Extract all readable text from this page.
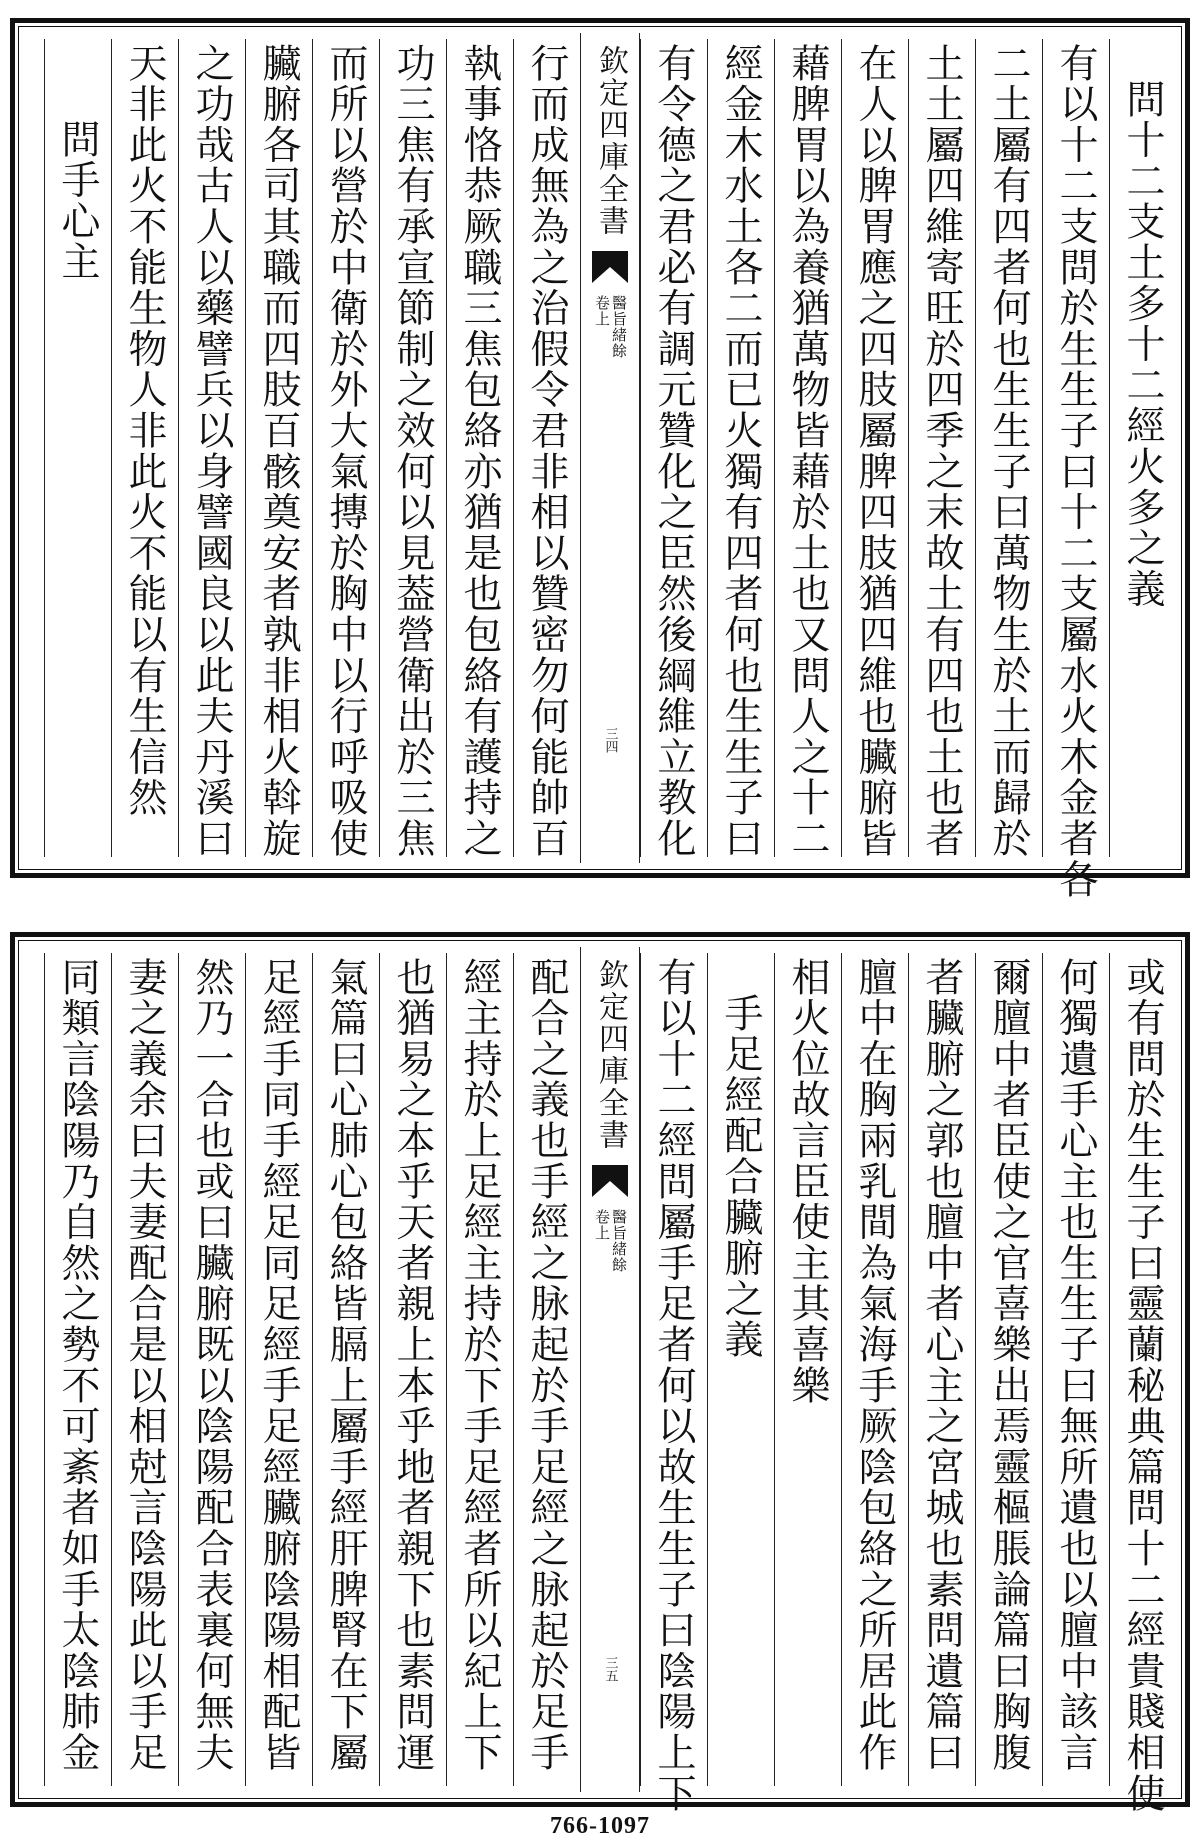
問十二支土多十二經火多之義
有以十二支問於生生子曰十二支屬水火木金者各
二土屬有四者何也生生子曰萬物生於土而歸於
土土屬四維寄旺於四季之末故土有四也土也者
在人以脾胃應之四肢屬脾四肢猶四維也臟腑皆
藉脾胃以為養猶萬物皆藉於土也又問人之十二
經金木水土各二而已火獨有四者何也生生子曰
有令德之君必有調元贊化之臣然後綱維立教化
欽定四庫全書
醫旨緒餘
卷上
三四
行而成無為之治假令君非相以贊密勿何能帥百
執事恪恭厥職三焦包絡亦猶是也包絡有護持之
功三焦有承宣節制之效何以見葢營衛出於三焦
而所以營於中衛於外大氣摶於胸中以行呼吸使
臟腑各司其職而四肢百骸奠安者孰非相火斡旋
之功哉古人以藥譬兵以身譬國良以此夫丹溪曰
天非此火不能生物人非此火不能以有生信然
問手心主
或有問於生生子曰靈蘭秘典篇問十二經貴賤相使
何獨遺手心主也生生子曰無所遺也以膻中該言
爾膻中者臣使之官喜樂出焉靈樞脹論篇曰胸腹
者臟腑之郭也膻中者心主之宮城也素問遺篇曰
膻中在胸兩乳間為氣海手厥陰包絡之所居此作
相火位故言臣使主其喜樂
手足經配合臟腑之義
有以十二經問屬手足者何以故生生子曰陰陽上下
欽定四庫全書
醫旨緒餘
卷上
三五
配合之義也手經之脉起於手足經之脉起於足手
經主持於上足經主持於下手足經者所以紀上下
也猶易之本乎天者親上本乎地者親下也素問運
氣篇曰心肺心包絡皆膈上屬手經肝脾腎在下屬
足經手同手經足同足經手足經臟腑陰陽相配皆
然乃一合也或曰臟腑既以陰陽配合表裏何無夫
妻之義余曰夫妻配合是以相尅言陰陽此以手足
同類言陰陽乃自然之勢不可紊者如手太陰肺金
766-1097
